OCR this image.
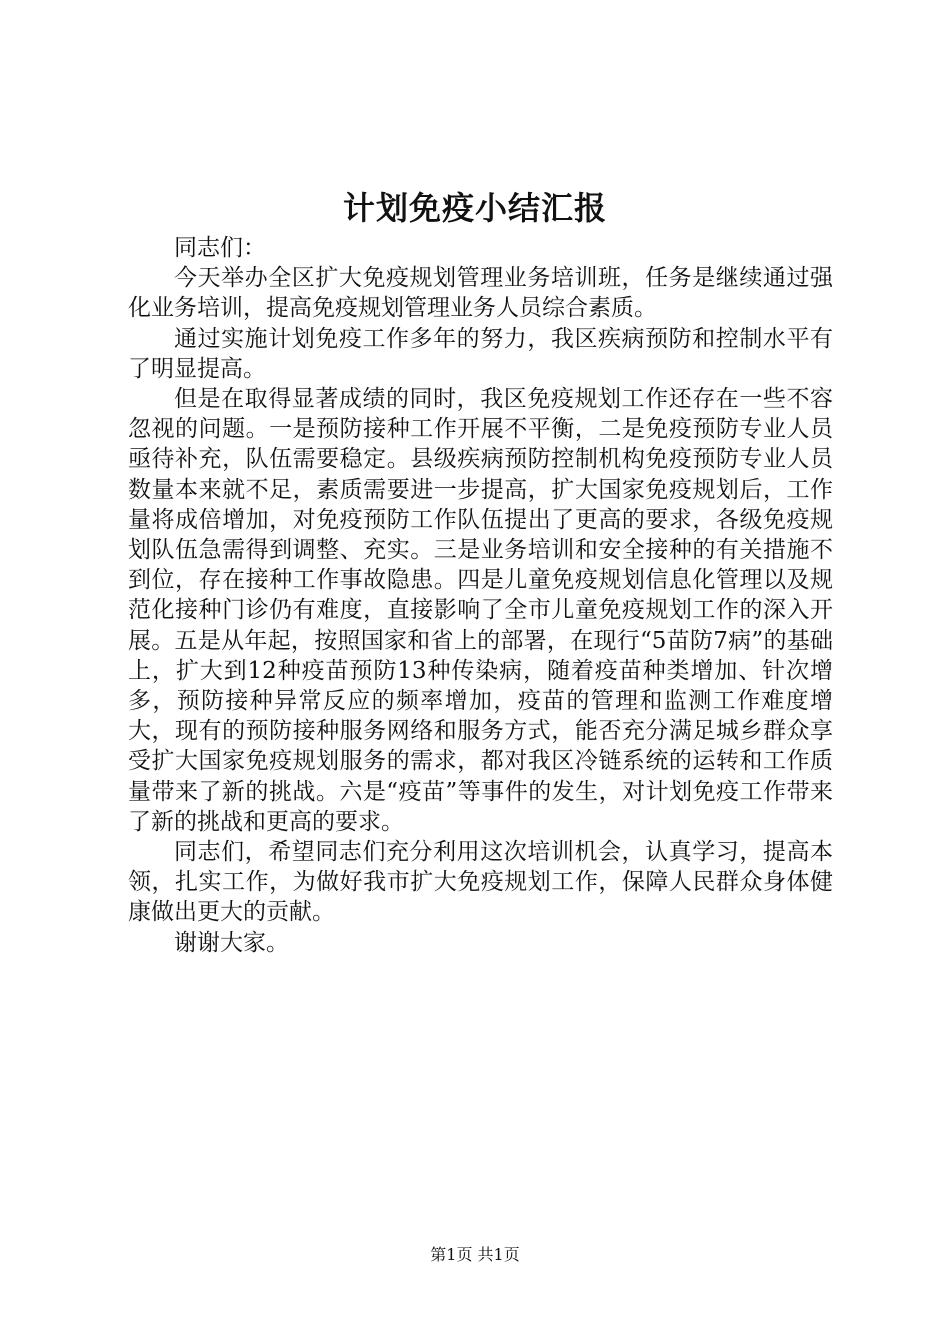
计划免疫小结汇报

同志们：

今天举办全区扩大免疫规划管理业务培训班，任务是继续通过强化业务培训，提高免疫规划管理业务人员综合素质。

通过实施计划免疫工作多年的努力，我区疾病预防和控制水平有了明显提高。

但是在取得显著成绩的同时，我区免疫规划工作还存在一些不容忽视的问题。一是预防接种工作开展不平衡，二是免疫预防专业人员亟待补充，队伍需要稳定。县级疾病预防控制机构免疫预防专业人员数量本来就不足，素质需要进一步提高，扩大国家免疫规划后，工作量将成倍增加，对免疫预防工作队伍提出了更高的要求，各级免疫规划队伍急需得到调整、充实。三是业务培训和安全接种的有关措施不到位，存在接种工作事故隐患。四是儿童免疫规划信息化管理以及规范化接种门诊仍有难度，直接影响了全市儿童免疫规划工作的深入开展。五是从年起，按照国家和省上的部署，在现行“5苗防7病”的基础上，扩大到12种疫苗预防13种传染病，随着疫苗种类增加、针次增多，预防接种异常反应的频率增加，疫苗的管理和监测工作难度增大，现有的预防接种服务网络和服务方式，能否充分满足城乡群众享受扩大国家免疫规划服务的需求，都对我区冷链系统的运转和工作质量带来了新的挑战。六是“疫苗”等事件的发生，对计划免疫工作带来了新的挑战和更高的要求。

同志们，希望同志们充分利用这次培训机会，认真学习，提高本领，扎实工作，为做好我市扩大免疫规划工作，保障人民群众身体健康做出更大的贡献。

谢谢大家。

第1页 共1页
